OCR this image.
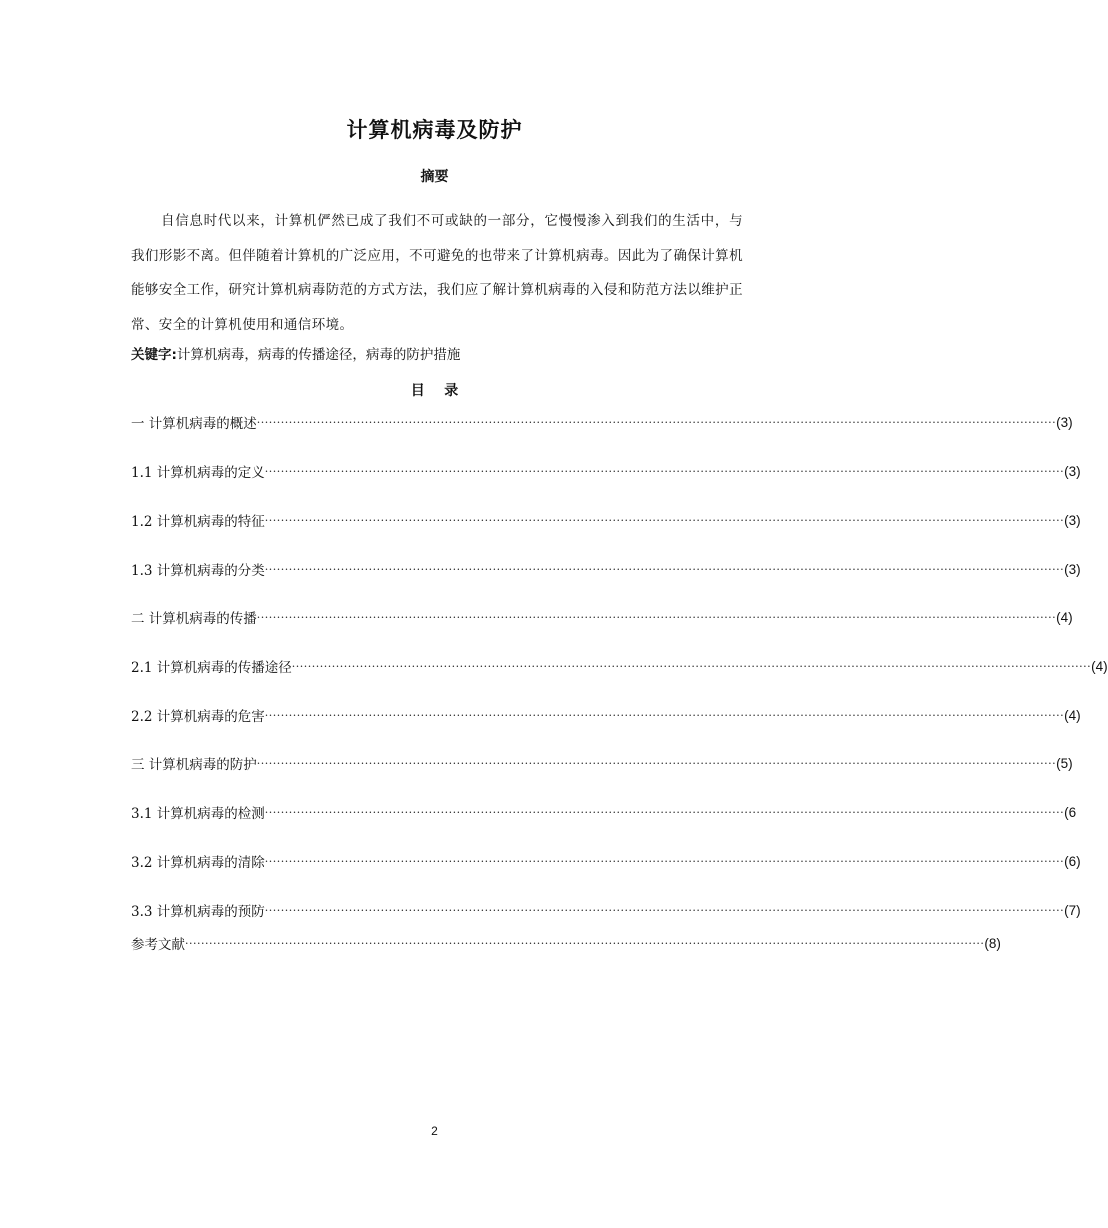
计算机病毒及防护
摘要
自信息时代以来，计算机俨然已成了我们不可或缺的一部分，它慢慢渗入到我们的生活中，与我们形影不离。但伴随着计算机的广泛应用，不可避免的也带来了计算机病毒。因此为了确保计算机能够安全工作，研究计算机病毒防范的方式方法，我们应了解计算机病毒的入侵和防范方法以维护正常、安全的计算机使用和通信环境。
关键字:计算机病毒，病毒的传播途径，病毒的防护措施
目    录
一 计算机病毒的概述 ········································································································································································································ (3)
1.1 计算机病毒的定义 ········································································································································································································ (3)
1.2 计算机病毒的特征 ········································································································································································································ (3)
1.3 计算机病毒的分类 ········································································································································································································ (3)
二 计算机病毒的传播 ········································································································································································································ (4)
2.1 计算机病毒的传播途径 ········································································································································································································ (4)
2.2 计算机病毒的危害 ········································································································································································································ (4)
三 计算机病毒的防护 ········································································································································································································ (5)
3.1 计算机病毒的检测 ········································································································································································································ (6
3.2 计算机病毒的清除 ········································································································································································································ (6)
3.3 计算机病毒的预防 ········································································································································································································ (7)
参考文献 ········································································································································································································ (8)
2
